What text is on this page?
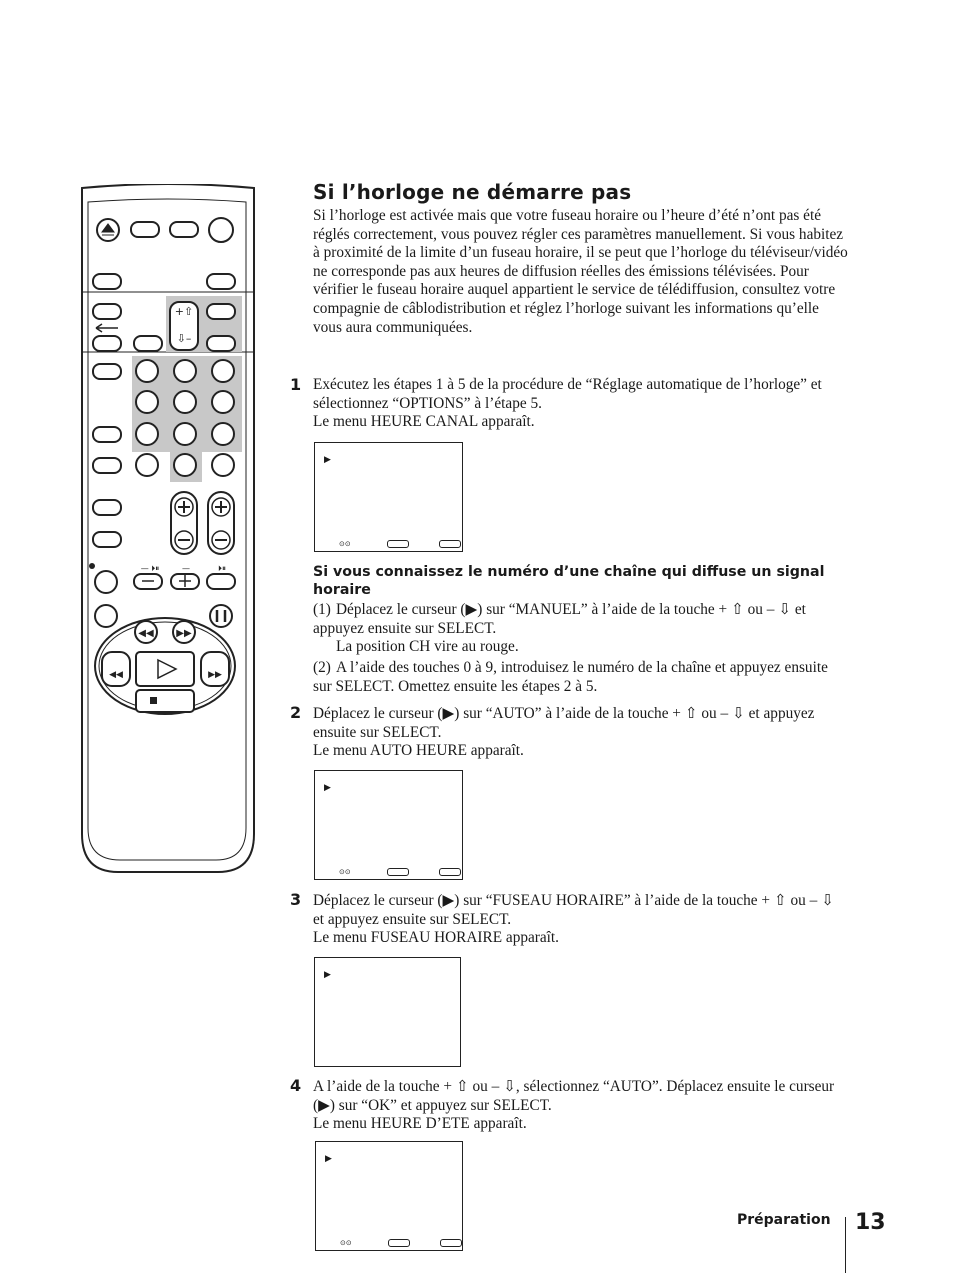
+⇧
⇩–
— ⏵⏸	—	⏵⏸
◀◀ ▶▶
◀◀	▶▶
Si l’horloge ne démarre pas
Si l’horloge est activée mais que votre fuseau horaire ou l’heure d’été n’ont pas été réglés correctement, vous pouvez régler ces paramètres manuellement. Si vous habitez à proximité de la limite d’un fuseau horaire, il se peut que l’horloge du téléviseur/vidéo ne corresponde pas aux heures de diffusion réelles des émissions télévisées. Pour vérifier le fuseau horaire auquel appartient le service de télédiffusion, consultez votre compagnie de câblodistribution et réglez l’horloge suivant les informations qu’elle vous aura communiquées.
1 Exécutez les étapes 1 à 5 de la procédure de “Réglage automatique de l’horloge” et sélectionnez “OPTIONS” à l’étape 5.
Le menu HEURE CANAL apparaît.
▶
⊙⊙
Si vous connaissez le numéro d’une chaîne qui diffuse un signal horaire
(1) Déplacez le curseur (▶) sur “MANUEL” à l’aide de la touche + ⇧ ou – ⇩ et appuyez ensuite sur SELECT.
La position CH vire au rouge.
(2) A l’aide des touches 0 à 9, introduisez le numéro de la chaîne et appuyez ensuite sur SELECT. Omettez ensuite les étapes 2 à 5.
2 Déplacez le curseur (▶) sur “AUTO” à l’aide de la touche + ⇧ ou – ⇩ et appuyez ensuite sur SELECT.
Le menu AUTO HEURE apparaît.
▶
⊙⊙
3 Déplacez le curseur (▶) sur “FUSEAU HORAIRE” à l’aide de la touche + ⇧ ou – ⇩ et appuyez ensuite sur SELECT.
Le menu FUSEAU HORAIRE apparaît.
▶
4 A l’aide de la touche + ⇧ ou – ⇩, sélectionnez “AUTO”. Déplacez ensuite le curseur (▶) sur “OK” et appuyez sur SELECT.
Le menu HEURE D’ETE apparaît.
▶
⊙⊙
Préparation 13
